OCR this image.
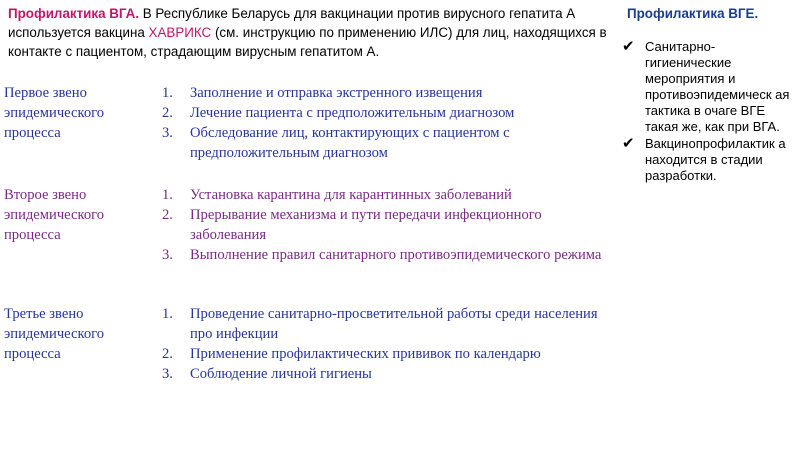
Профилактика ВГА. В Республике Беларусь для вакцинации против вирусного гепатита А используется вакцина ХАВРИКС (см. инструкцию по применению ИЛС) для лиц, находящихся в контакте с пациентом, страдающим вирусным гепатитом А.
Профилактика ВГЕ.
✔ Санитарно-гигиенические мероприятия и противоэпидемическ ая тактика в очаге ВГЕ такая же, как при ВГА.
✔ Вакцинопрофилактик а находится в стадии разработки.
Первое звено эпидемического процесса
1. Заполнение и отправка экстренного извещения
2. Лечение пациента с предположительным диагнозом
3. Обследование лиц, контактирующих с пациентом с предположительным диагнозом
Второе звено эпидемического процесса
1. Установка карантина для карантинных заболеваний
2. Прерывание механизма и пути передачи инфекционного заболевания
3. Выполнение правил санитарного противоэпидемического режима
Третье звено эпидемического процесса
1. Проведение санитарно-просветительной работы среди населения про инфекции
2. Применение профилактических прививок по календарю
3. Соблюдение личной гигиены
